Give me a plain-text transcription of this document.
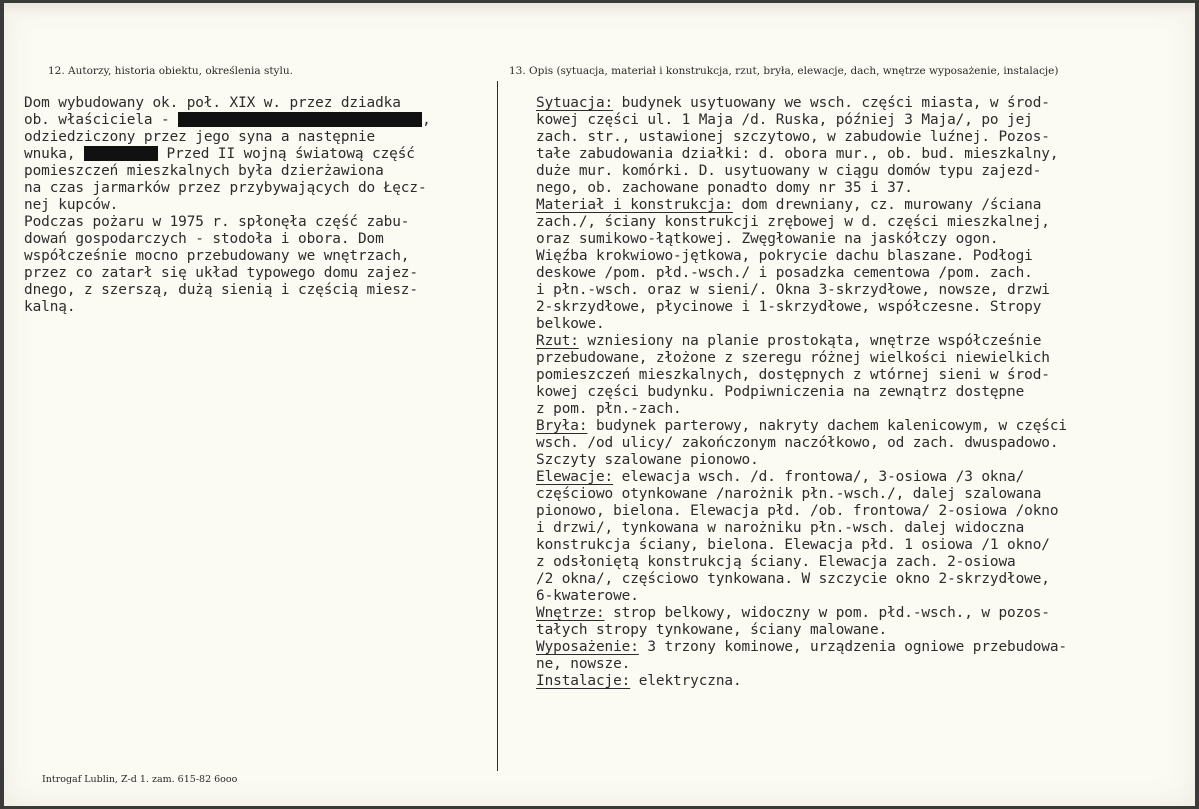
12. Autorzy, historia obiektu, określenia stylu.	13. Opis (sytuacja, materiał i konstrukcja, rzut, bryła, elewacje, dach, wnętrze wyposażenie, instalacje)
Dom wybudowany ok. poł. XIX w. przez dziadka
ob. właściciela -	,
odziedziczony przez jego syna a następnie
wnuka,	Przed II wojną światową część
pomieszczeń mieszkalnych była dzierżawiona
na czas jarmarków przez przybywających do Łęcz-
nej kupców.
Podczas pożaru w 1975 r. spłonęła część zabu-
dowań gospodarczych - stodoła i obora. Dom
współcześnie mocno przebudowany we wnętrzach,
przez co zatarł się układ typowego domu zajez-
dnego, z szerszą, dużą sienią i częścią miesz-
kalną.
Sytuacja: budynek usytuowany we wsch. części miasta, w środ-
kowej części ul. 1 Maja /d. Ruska, później 3 Maja/, po jej
zach. str., ustawionej szczytowo, w zabudowie luźnej. Pozos-
tałe zabudowania działki: d. obora mur., ob. bud. mieszkalny,
duże mur. komórki. D. usytuowany w ciągu domów typu zajezd-
nego, ob. zachowane ponadto domy nr 35 i 37.
Materiał i konstrukcja: dom drewniany, cz. murowany /ściana
zach./, ściany konstrukcji zrębowej w d. części mieszkalnej,
oraz sumikowo-łątkowej. Zwęgłowanie na jaskółczy ogon.
Więźba krokwiowo-jętkowa, pokrycie dachu blaszane. Podłogi
deskowe /pom. płd.-wsch./ i posadzka cementowa /pom. zach.
i płn.-wsch. oraz w sieni/. Okna 3-skrzydłowe, nowsze, drzwi
2-skrzydłowe, płycinowe i 1-skrzydłowe, współczesne. Stropy
belkowe.
Rzut: wzniesiony na planie prostokąta, wnętrze współcześnie
przebudowane, złożone z szeregu różnej wielkości niewielkich
pomieszczeń mieszkalnych, dostępnych z wtórnej sieni w środ-
kowej części budynku. Podpiwniczenia na zewnątrz dostępne
z pom. płn.-zach.
Bryła: budynek parterowy, nakryty dachem kalenicowym, w części
wsch. /od ulicy/ zakończonym naczółkowo, od zach. dwuspadowo.
Szczyty szalowane pionowo.
Elewacje: elewacja wsch. /d. frontowa/, 3-osiowa /3 okna/
częściowo otynkowane /narożnik płn.-wsch./, dalej szalowana
pionowo, bielona. Elewacja płd. /ob. frontowa/ 2-osiowa /okno
i drzwi/, tynkowana w narożniku płn.-wsch. dalej widoczna
konstrukcja ściany, bielona. Elewacja płd. 1 osiowa /1 okno/
z odsłoniętą konstrukcją ściany. Elewacja zach. 2-osiowa
/2 okna/, częściowo tynkowana. W szczycie okno 2-skrzydłowe,
6-kwaterowe.
Wnętrze: strop belkowy, widoczny w pom. płd.-wsch., w pozos-
tałych stropy tynkowane, ściany malowane.
Wyposażenie: 3 trzony kominowe, urządzenia ogniowe przebudowa-
ne, nowsze.
Instalacje: elektryczna.
Introgaf Lublin, Z-d 1. zam. 615-82 6ooo
